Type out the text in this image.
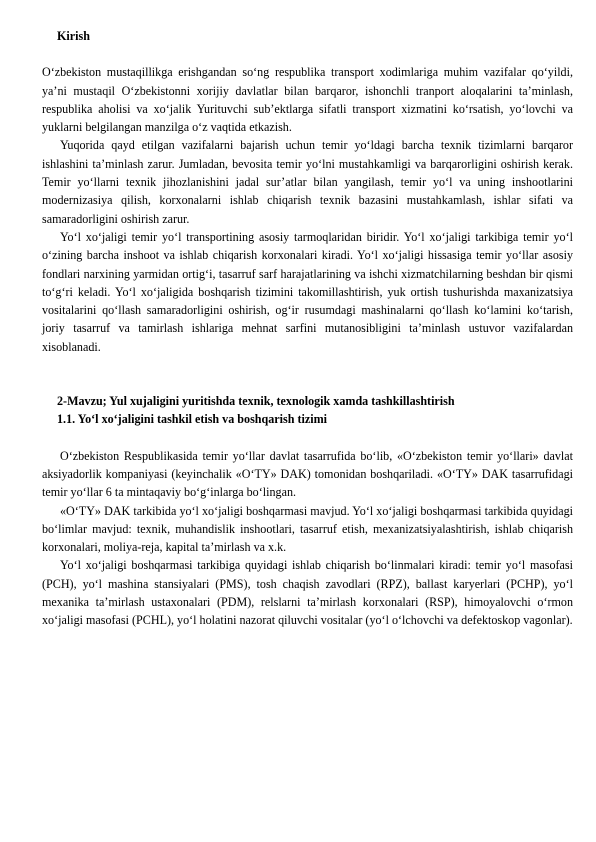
Kirish

O‘zbekiston mustaqillikga erishgandan so‘ng respublika transport xodimlariga muhim vazifalar qo‘yildi, ya’ni mustaqil O‘zbekistonni xorijiy davlatlar bilan barqaror, ishonchli tranport aloqalarini ta’minlash, respublika aholisi va xo‘jalik Yurituvchi sub’ektlarga sifatli transport xizmatini ko‘rsatish, yo‘lovchi va yuklarni belgilangan manzilga o‘z vaqtida etkazish.

Yuqorida qayd etilgan vazifalarni bajarish uchun temir yo‘ldagi barcha texnik tizimlarni barqaror ishlashini ta’minlash zarur. Jumladan, bevosita temir yo‘lni mustahkamligi va barqarorligini oshirish kerak. Temir yo‘llarni texnik jihozlanishini jadal sur’atlar bilan yangilash, temir yo‘l va uning inshootlarini modernizasiya qilish, korxonalarni ishlab chiqarish texnik bazasini mustahkamlash, ishlar sifati va samaradorligini oshirish zarur.

Yo‘l xo‘jaligi temir yo‘l transportining asosiy tarmoqlaridan biridir. Yo‘l xo‘jaligi tarkibiga temir yo‘l o‘zining barcha inshoot va ishlab chiqarish korxonalari kiradi. Yo‘l xo‘jaligi hissasiga temir yo‘llar asosiy fondlari narxining yarmidan ortig‘i, tasarruf sarf harajatlarining va ishchi xizmatchilarning beshdan bir qismi to‘g‘ri keladi. Yo‘l xo‘jaligida boshqarish tizimini takomillashtirish, yuk ortish tushurishda maxanizatsiya vositalarini qo‘llash samaradorligini oshirish, og‘ir rusumdagi mashinalarni qo‘llash ko‘lamini ko‘tarish, joriy tasarruf va tamirlash ishlariga mehnat sarfini mutanosibligini ta’minlash ustuvor vazifalardan xisoblanadi.

2-Mavzu; Yul xujaligini yuritishda texnik, texnologik xamda tashkillashtirish

1.1. Yo‘l xo‘jaligini tashkil etish va boshqarish tizimi

O‘zbekiston Respublikasida temir yo‘llar davlat tasarrufida bo‘lib, «O‘zbekiston temir yo‘llari» davlat aksiyadorlik kompaniyasi (keyinchalik «O‘TY» DAK) tomonidan boshqariladi. «O‘TY» DAK tasarrufidagi temir yo‘llar 6 ta mintaqaviy bo‘g‘inlarga bo‘lingan.

«O‘TY» DAK tarkibida yo‘l xo‘jaligi boshqarmasi mavjud. Yo‘l xo‘jaligi boshqarmasi tarkibida quyidagi bo‘limlar mavjud: texnik, muhandislik inshootlari, tasarruf etish, mexanizatsiyalashtirish, ishlab chiqarish korxonalari, moliya-reja, kapital ta’mirlash va x.k.

Yo‘l xo‘jaligi boshqarmasi tarkibiga quyidagi ishlab chiqarish bo‘linmalari kiradi: temir yo‘l masofasi (PCH), yo‘l mashina stansiyalari (PMS), tosh chaqish zavodlari (RPZ), ballast karyerlari (PCHP), yo‘l mexanika ta’mirlash ustaxonalari (PDM), relslarni ta’mirlash korxonalari (RSP), himoyalovchi o‘rmon xo‘jaligi masofasi (PCHL), yo‘l holatini nazorat qiluvchi vositalar (yo‘l o‘lchovchi va defektoskop vagonlar).
